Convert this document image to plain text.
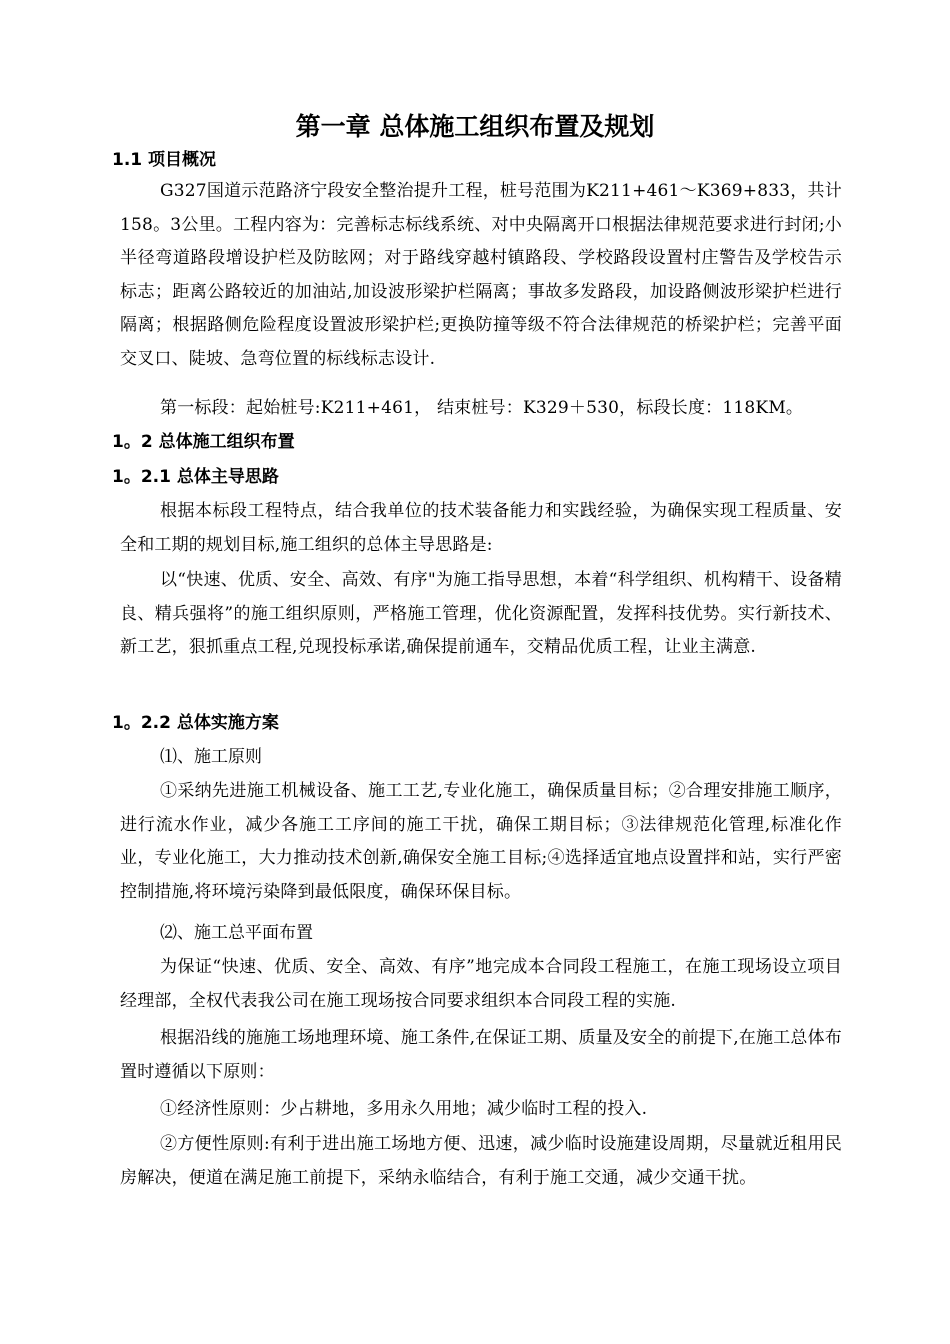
第一章 总体施工组织布置及规划
1.1 项目概况
G327国道示范路济宁段安全整治提升工程，桩号范围为K211+461～K369+833，共计158。3公里。工程内容为：完善标志标线系统、对中央隔离开口根据法律规范要求进行封闭;小半径弯道路段增设护栏及防眩网；对于路线穿越村镇路段、学校路段设置村庄警告及学校告示标志；距离公路较近的加油站,加设波形梁护栏隔离；事故多发路段，加设路侧波形梁护栏进行隔离；根据路侧危险程度设置波形梁护栏;更换防撞等级不符合法律规范的桥梁护栏；完善平面交叉口、陡坡、急弯位置的标线标志设计.
第一标段：起始桩号:K211+461， 结束桩号：K329＋530，标段长度：118KM。
1。2 总体施工组织布置
1。2.1 总体主导思路
根据本标段工程特点，结合我单位的技术装备能力和实践经验，为确保实现工程质量、安全和工期的规划目标,施工组织的总体主导思路是:
以“快速、优质、安全、高效、有序"为施工指导思想，本着“科学组织、机构精干、设备精良、精兵强将”的施工组织原则，严格施工管理，优化资源配置，发挥科技优势。实行新技术、新工艺，狠抓重点工程,兑现投标承诺,确保提前通车，交精品优质工程，让业主满意.
1。2.2 总体实施方案
⑴、施工原则
①采纳先进施工机械设备、施工工艺,专业化施工，确保质量目标；②合理安排施工顺序，进行流水作业，减少各施工工序间的施工干扰，确保工期目标；③法律规范化管理,标准化作业，专业化施工，大力推动技术创新,确保安全施工目标;④选择适宜地点设置拌和站，实行严密控制措施,将环境污染降到最低限度，确保环保目标。
⑵、施工总平面布置
为保证“快速、优质、安全、高效、有序”地完成本合同段工程施工，在施工现场设立项目经理部，全权代表我公司在施工现场按合同要求组织本合同段工程的实施.
根据沿线的施施工场地理环境、施工条件,在保证工期、质量及安全的前提下,在施工总体布置时遵循以下原则：
①经济性原则：少占耕地，多用永久用地；减少临时工程的投入.
②方便性原则:有利于进出施工场地方便、迅速，减少临时设施建设周期，尽量就近租用民房解决，便道在满足施工前提下，采纳永临结合，有利于施工交通，减少交通干扰。
